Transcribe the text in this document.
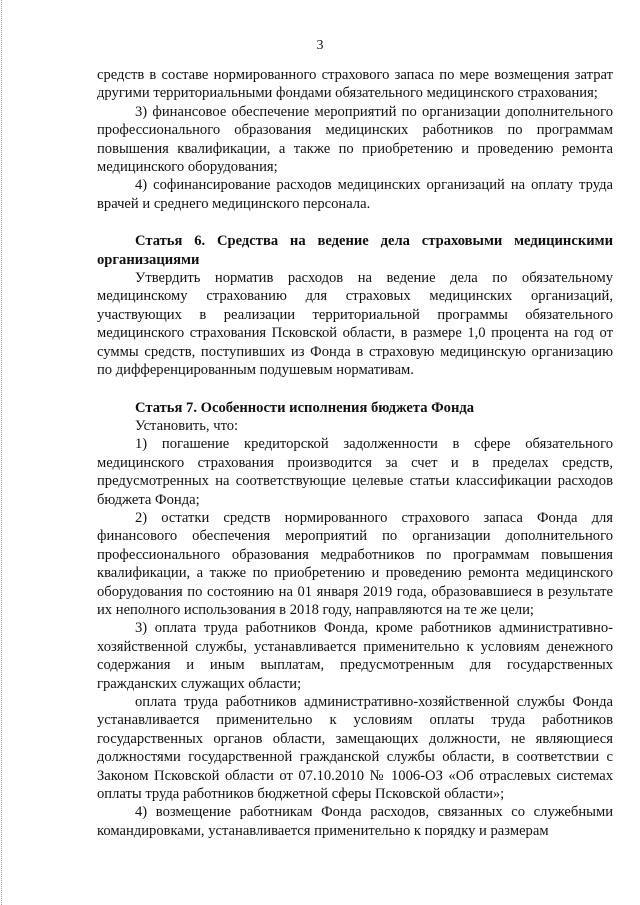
3

средств в составе нормированного страхового запаса по мере возмещения затрат другими территориальными фондами обязательного медицинского страхования;

3) финансовое обеспечение мероприятий по организации дополнительного профессионального образования медицинских работников по программам повышения квалификации, а также по приобретению и проведению ремонта медицинского оборудования;

4) софинансирование расходов медицинских организаций на оплату труда врачей и среднего медицинского персонала.

Статья 6. Средства на ведение дела страховыми медицинскими организациями

Утвердить норматив расходов на ведение дела по обязательному медицинскому страхованию для страховых медицинских организаций, участвующих в реализации территориальной программы обязательного медицинского страхования Псковской области, в размере 1,0 процента на год от суммы средств, поступивших из Фонда в страховую медицинскую организацию по дифференцированным подушевым нормативам.

Статья 7. Особенности исполнения бюджета Фонда

Установить, что:

1) погашение кредиторской задолженности в сфере обязательного медицинского страхования производится за счет и в пределах средств, предусмотренных на соответствующие целевые статьи классификации расходов бюджета Фонда;

2) остатки средств нормированного страхового запаса Фонда для финансового обеспечения мероприятий по организации дополнительного профессионального образования медработников по программам повышения квалификации, а также по приобретению и проведению ремонта медицинского оборудования по состоянию на 01 января 2019 года, образовавшиеся в результате их неполного использования в 2018 году, направляются на те же цели;

3) оплата труда работников Фонда, кроме работников административно-хозяйственной службы, устанавливается применительно к условиям денежного содержания и иным выплатам, предусмотренным для государственных гражданских служащих области;

оплата труда работников административно-хозяйственной службы Фонда устанавливается применительно к условиям оплаты труда работников государственных органов области, замещающих должности, не являющиеся должностями государственной гражданской службы области, в соответствии с Законом Псковской области от 07.10.2010 № 1006-ОЗ «Об отраслевых системах оплаты труда работников бюджетной сферы Псковской области»;

4) возмещение работникам Фонда расходов, связанных со служебными командировками, устанавливается применительно к порядку и размерам
